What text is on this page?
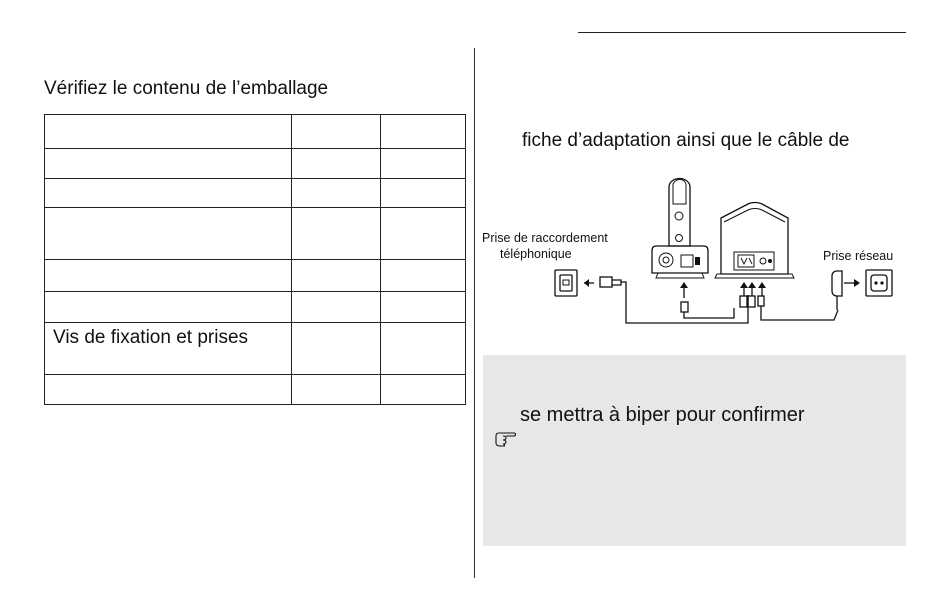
Vérifiez le contenu de l’emballage

Vis de fixation et prises		

fiche d’adaptation ainsi que le câble de
Prise de raccordement
téléphonique	Prise réseau
se mettra à biper pour confirmer
